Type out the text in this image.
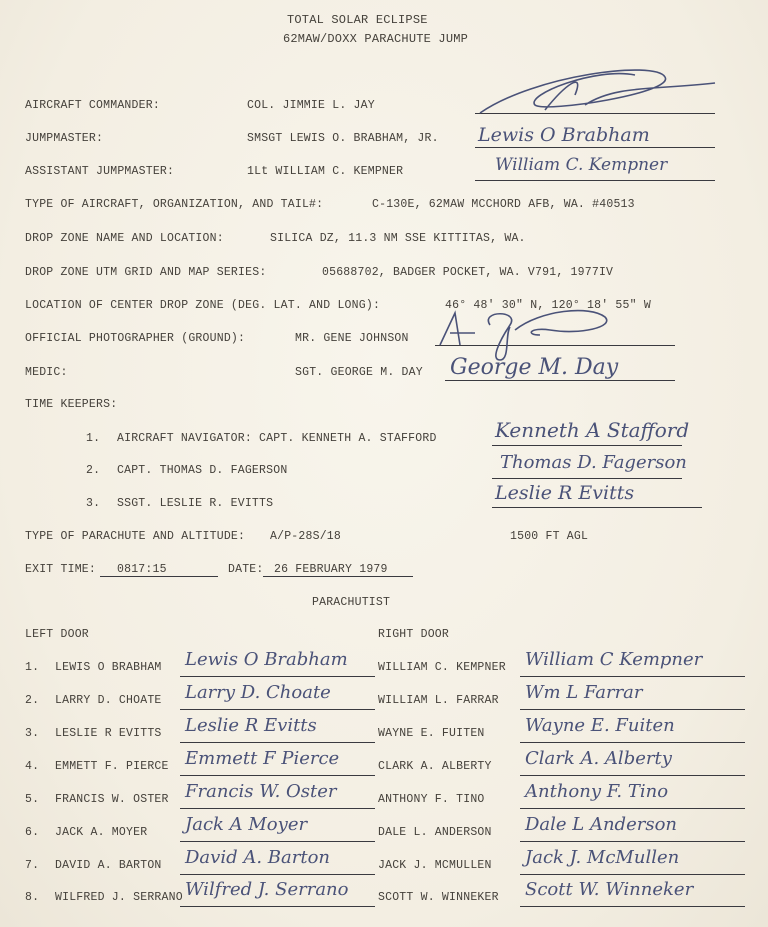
TOTAL SOLAR ECLIPSE
62MAW/DOXX PARACHUTE JUMP
AIRCRAFT COMMANDER:	COL. JIMMIE L. JAY
JUMPMASTER:	SMSGT LEWIS O. BRABHAM, JR. Lewis O Brabham
ASSISTANT JUMPMASTER:	1Lt WILLIAM C. KEMPNER	William C. Kempner
TYPE OF AIRCRAFT, ORGANIZATION, AND TAIL#:	C-130E, 62MAW MCCHORD AFB, WA. #40513
DROP ZONE NAME AND LOCATION:	SILICA DZ, 11.3 NM SSE KITTITAS, WA.
DROP ZONE UTM GRID AND MAP SERIES:	05688702, BADGER POCKET, WA. V791, 1977IV
LOCATION OF CENTER DROP ZONE (DEG. LAT. AND LONG):	46° 48' 30" N, 120° 18' 55" W
OFFICIAL PHOTOGRAPHER (GROUND):	MR. GENE JOHNSON
MEDIC:	SGT. GEORGE M. DAY George M. Day
TIME KEEPERS:
1. AIRCRAFT NAVIGATOR: CAPT. KENNETH A. STAFFORD	Kenneth A Stafford
2. CAPT. THOMAS D. FAGERSON	Thomas D. Fagerson
3. SSGT. LESLIE R. EVITTS	Leslie R Evitts
TYPE OF PARACHUTE AND ALTITUDE: A/P-28S/18	1500 FT AGL
EXIT TIME: 0817:15	DATE: 26 FEBRUARY 1979
PARACHUTIST
LEFT DOOR	RIGHT DOOR
1. LEWIS O BRABHAM Lewis O Brabham	WILLIAM C. KEMPNER William C Kempner
2. LARRY D. CHOATE Larry D. Choate	WILLIAM L. FARRAR Wm L Farrar
3. LESLIE R EVITTS Leslie R Evitts	WAYNE E. FUITEN Wayne E. Fuiten
4. EMMETT F. PIERCE Emmett F Pierce	CLARK A. ALBERTY Clark A. Alberty
5. FRANCIS W. OSTER Francis W. Oster	ANTHONY F. TINO Anthony F. Tino
6. JACK A. MOYER Jack A Moyer	DALE L. ANDERSON Dale L Anderson
7. DAVID A. BARTON David A. Barton	JACK J. MCMULLEN Jack J. McMullen
8. WILFRED J. SERRANO Wilfred J. Serrano	SCOTT W. WINNEKER Scott W. Winneker
